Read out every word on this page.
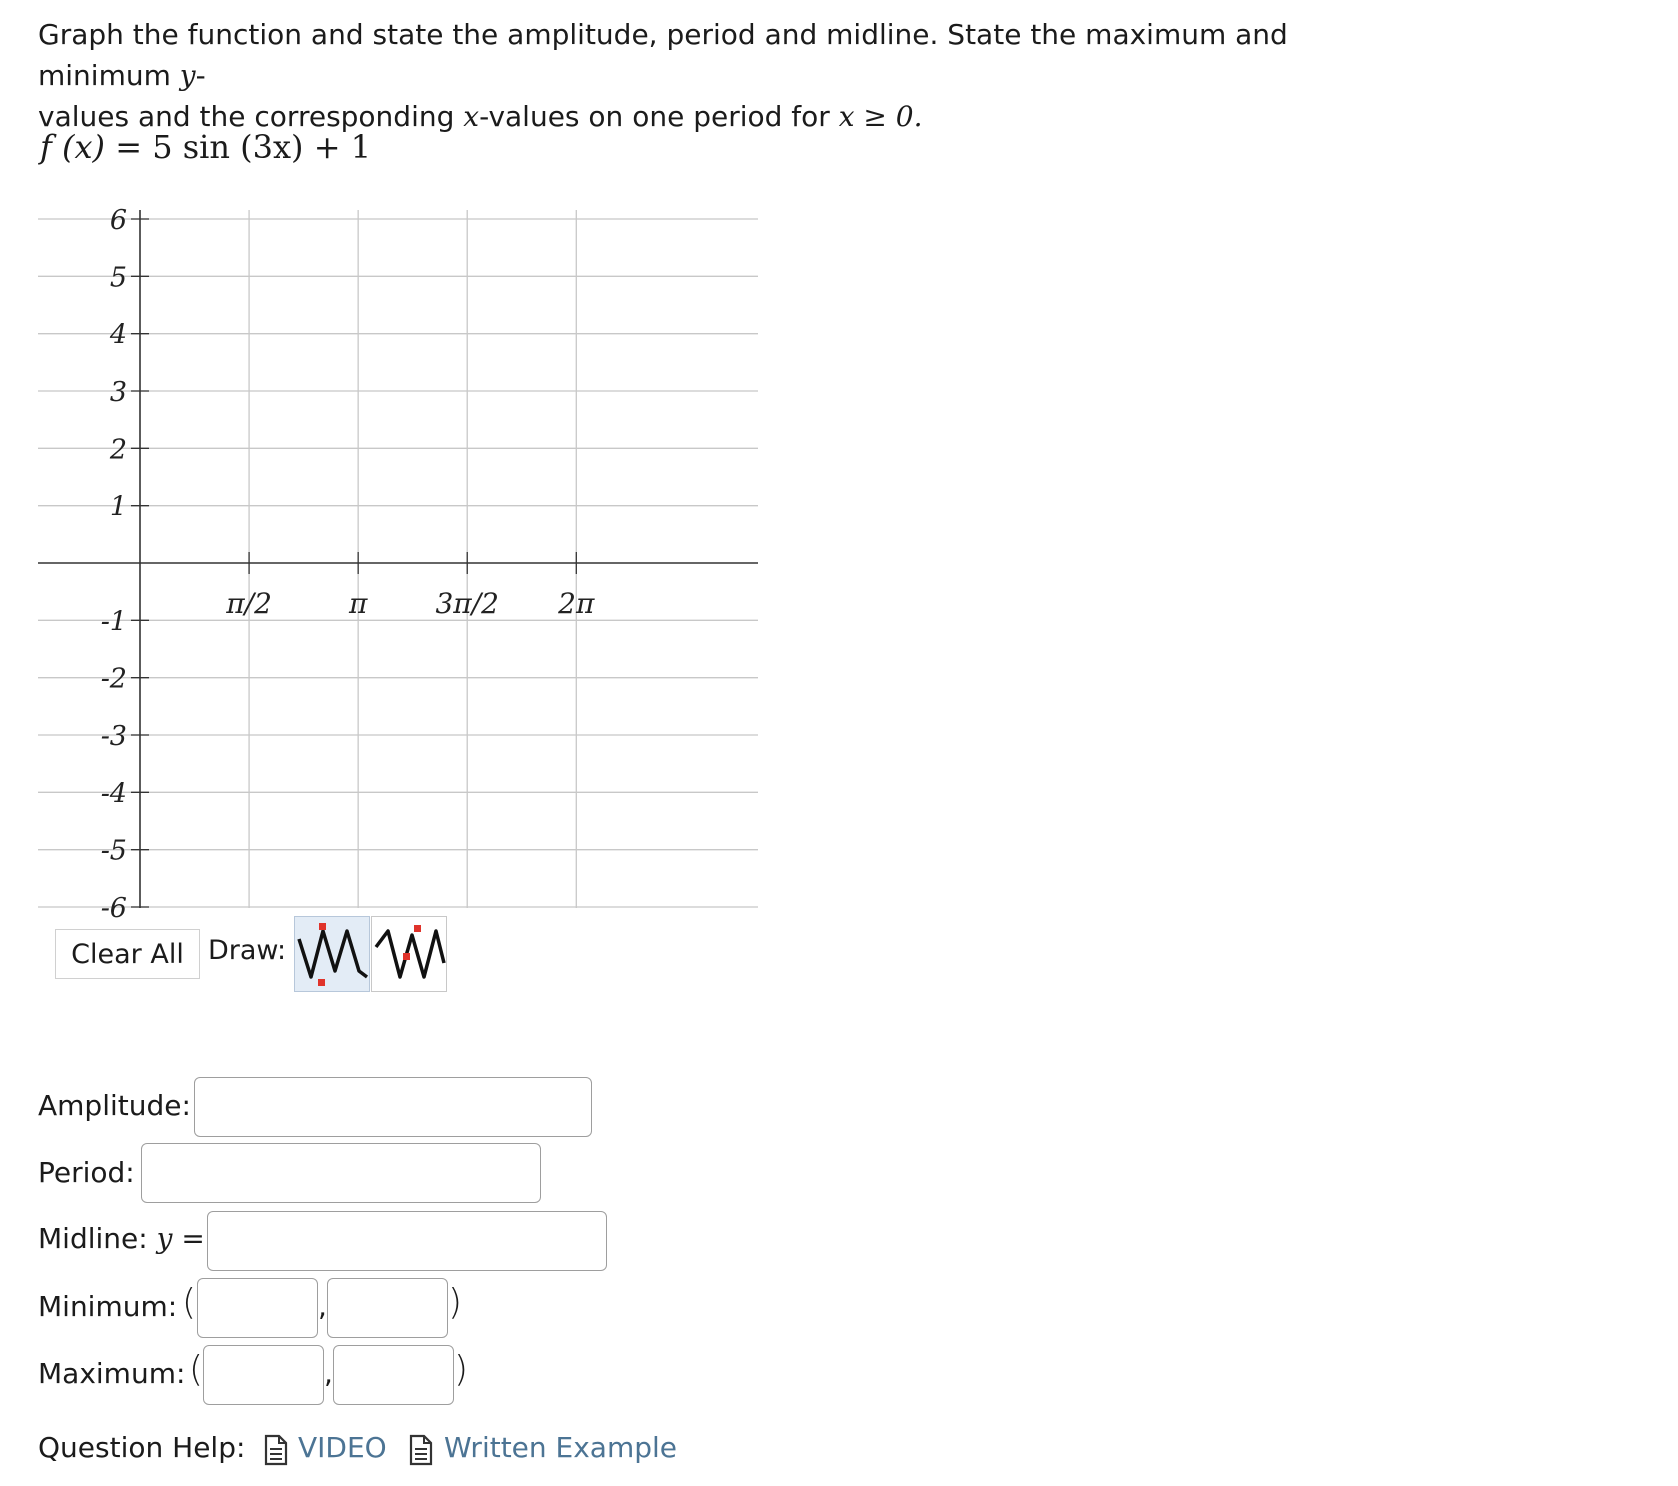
Graph the function and state the amplitude, period and midline. State the maximum and minimum y-
values and the corresponding x-values on one period for x ≥ 0.
f (x) = 5 sin (3x) + 1
6
5
4
3
2
1
-1
-2
-3
-4
-5
-6
π/2	π 3π/2 2π
Clear All Draw:
Amplitude:
Period:
Midline: y =
Minimum: (	,	)
Maximum: (	,	)
Question Help: VIDEO Written Example
